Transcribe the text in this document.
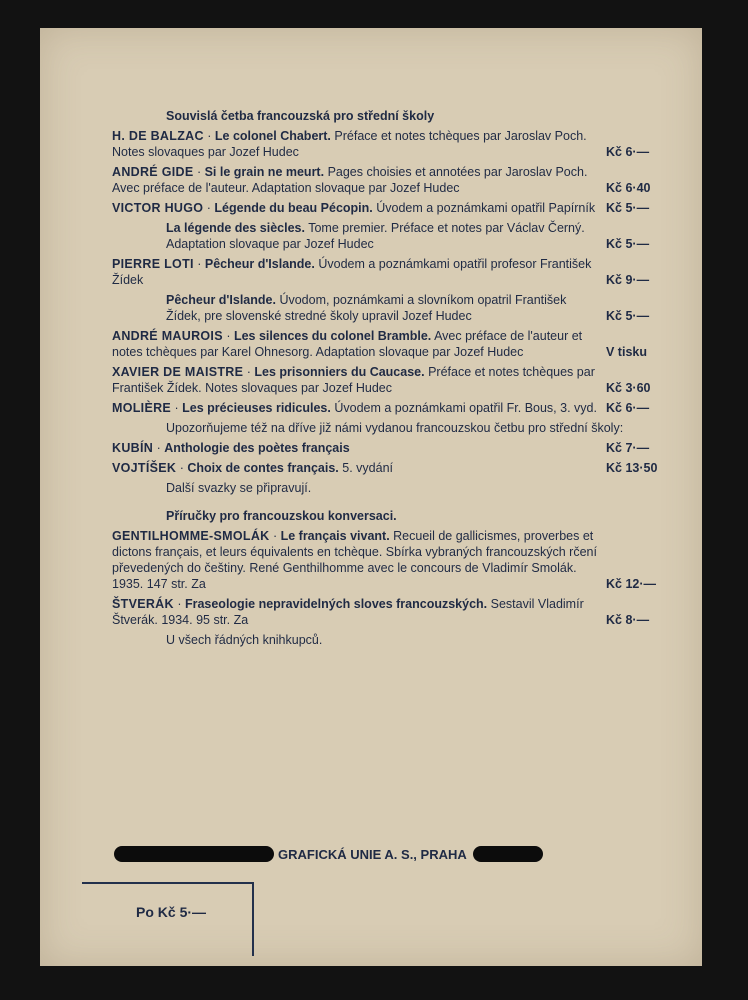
Souvislá četba francouzská pro střední školy
H. DE BALZAC · Le colonel Chabert. Préface et notes tchèques par Jaroslav Poch. Notes slovaques par Jozef Hudec	Kč 6·—
ANDRÉ GIDE · Si le grain ne meurt. Pages choisies et annotées par Jaroslav Poch. Avec préface de l'auteur. Adaptation slovaque par Jozef Hudec	Kč 6·40
VICTOR HUGO · Légende du beau Pécopin. Úvodem a poznámkami opatřil Papírník Kč 5·—
La légende des siècles. Tome premier. Préface et notes par Václav Černý. Adaptation slovaque par Jozef Hudec	Kč 5·—
PIERRE LOTI · Pêcheur d'Islande. Úvodem a poznámkami opatřil profesor František Žídek	Kč 9·—
Pêcheur d'Islande. Úvodom, poznámkami a slovníkom opatril František Žídek, pre slovenské stredné školy upravil Jozef Hudec	Kč 5·—
ANDRÉ MAUROIS · Les silences du colonel Bramble. Avec préface de l'auteur et notes tchèques par Karel Ohnesorg. Adaptation slovaque par Jozef Hudec	V tisku
XAVIER DE MAISTRE · Les prisonniers du Caucase. Préface et notes tchèques par František Žídek. Notes slovaques par Jozef Hudec	Kč 3·60
MOLIÈRE · Les précieuses ridicules. Úvodem a poznámkami opatřil Fr. Bous, 3. vyd. Kč 6·—
Upozorňujeme též na dříve již námi vydanou francouzskou četbu pro střední školy:
KUBÍN · Anthologie des poètes français	Kč 7·—
VOJTÍŠEK · Choix de contes français. 5. vydání	Kč 13·50
Další svazky se připravují.
Příručky pro francouzskou konversaci.
GENTILHOMME-SMOLÁK · Le français vivant. Recueil de gallicismes, proverbes et dictons français, et leurs équivalents en tchèque. Sbírka vybraných francouzských rčení převedených do češtiny. René Genthilhomme avec le concours de Vladimír Smolák. 1935. 147 str. Za	Kč 12·—
ŠTVERÁK · Fraseologie nepravidelných sloves francouzských. Sestavil Vladimír Štverák. 1934. 95 str. Za	Kč 8·—
U všech řádných knihkupců.
GRAFICKÁ UNIE A. S., PRAHA
Po Kč 5·—
